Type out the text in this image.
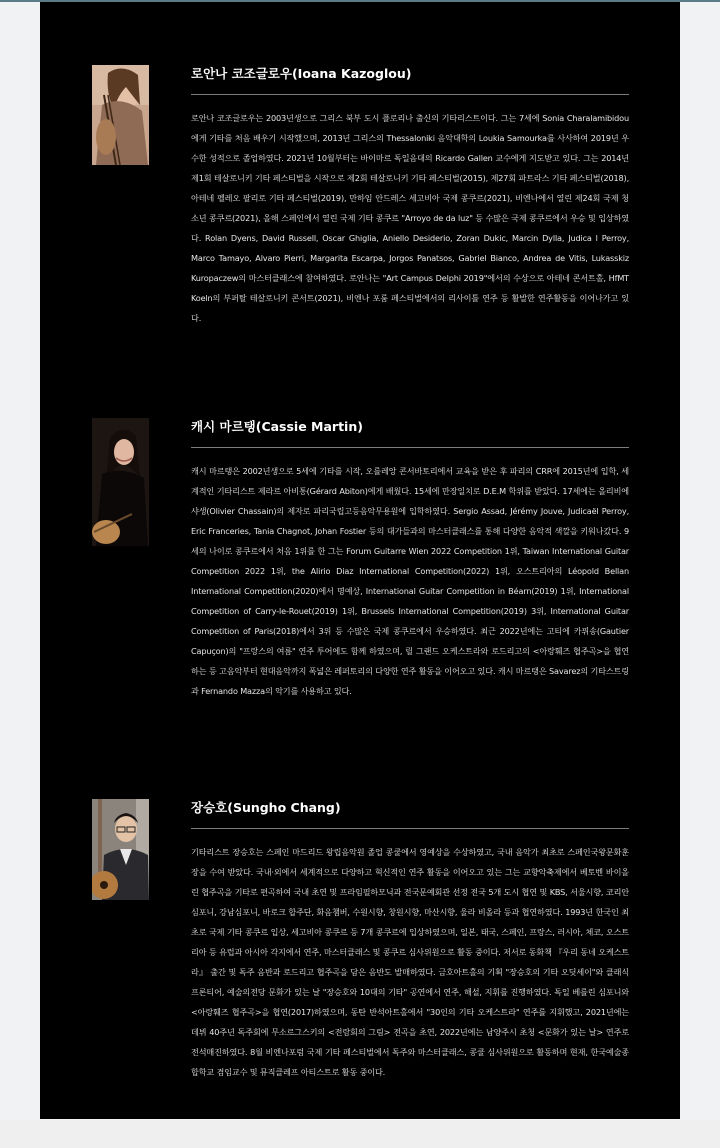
로안나 코조글로우(Ioana Kazoglou)

로안나 코조글로우는 2003년생으로 그리스 북부 도시 플로리나 출신의 기타리스트이다. 그는 7세에 Sonia Charalamibidou에게 기타를 처음 배우기 시작했으며, 2013년 그리스의 Thessaloniki 음악대학의 Loukia Samourka를 사사하여 2019년 우수한 성적으로 졸업하였다. 2021년 10월부터는 바이마르 독일음대의 Ricardo Gallen 교수에게 지도받고 있다. 그는 2014년 제1회 테살로니키 기타 페스티벌을 시작으로 제2회 테살로니키 기타 페스티벌(2015), 제27회 파트라스 기타 페스티벌(2018), 아테네 펠레오 팔리로 기타 페스티벌(2019), 만하임 안드레스 세고비아 국제 콩쿠르(2021), 비엔나에서 열린 제24회 국제 청소년 콩쿠르(2021), 올해 스페인에서 열린 국제 기타 콩쿠르 "Arroyo de da luz" 등 수많은 국제 콩쿠르에서 우승 및 입상하였다. Rolan Dyens, David Russell, Oscar Ghiglia, Aniello Desiderio, Zoran Dukic, Marcin Dylla, Judica l Perroy, Marco Tamayo, Alvaro Pierri, Margarita Escarpa, Jorgos Panatsos, Gabriel Bianco, Andrea de Vitis, Lukasskiz Kuropaczew의 마스터클래스에 참여하였다. 로안나는 "Art Campus Delphi 2019"에서의 수상으로 아테네 콘서트홀, HfMT Koeln의 부퍼탈 테살로니키 콘서트(2021), 비엔나 포룸 페스티벌에서의 리사이틀 연주 등 활발한 연주활동을 이어나가고 있다.

캐시 마르탱(Cassie Martin)

캐시 마르탱은 2002년생으로 5세에 기타를 시작, 오를레앙 콘서바토리에서 교육을 받은 후 파리의 CRR에 2015년에 입학, 세계적인 기타리스트 제라르 아비통(Gérard Abiton)에게 배웠다. 15세에 만장일치로 D.E.M 학위를 받았다. 17세에는 올리비에 샤생(Olivier Chassain)의 제자로 파리국립고등음악무용원에 입학하였다. Sergio Assad, Jérémy Jouve, Judicaël Perroy, Eric Franceries, Tania Chagnot, Johan Fostier 등의 대가들과의 마스터클래스를 통해 다양한 음악적 색깔을 키워나갔다. 9세의 나이로 콩쿠르에서 처음 1위를 한 그는 Forum Guitarre Wien 2022 Competition 1위, Taiwan International Guitar Competition 2022 1위, the Alirio Diaz International Competition(2022) 1위, 오스트리아의 Léopold Bellan International Competition(2020)에서 명예상, International Guitar Competition in Béarn(2019) 1위, International Competition of Carry-le-Rouet(2019) 1위, Brussels International Competition(2019) 3위, International Guitar Competition of Paris(2018)에서 3위 등 수많은 국제 콩쿠르에서 우승하였다. 최근 2022년에는 고티에 카퓌송(Gautier Capuçon)의 "프랑스의 여름" 연주 투어에도 함께 하였으며, 릴 그랜드 오케스트라와 로드리고의 <아랑훼즈 협주곡>을 협연하는 등 고음악부터 현대음악까지 폭넓은 레퍼토리의 다양한 연주 활동을 이어오고 있다. 캐시 마르탱은 Savarez의 기타스트링과 Fernando Mazza의 악기를 사용하고 있다.

장승호(Sungho Chang)

기타리스트 장승호는 스페인 마드리드 왕립음악원 졸업 콩쿨에서 영예상을 수상하였고, 국내 음악가 최초로 스페인국왕문화훈장을 수여 받았다. 국내·외에서 세계적으로 다양하고 혁신적인 연주 활동을 이어오고 있는 그는 교향악축제에서 베토벤 바이올린 협주곡을 기타로 편곡하여 국내 초연 및 프라임필하모닉과 전국문예회관 선정 전국 5개 도시 협연 및 KBS, 서울시향, 코리안심포니, 강남심포니, 바로크 합주단, 화음챔버, 수원시향, 창원시향, 마산시향, 울라 비올라 등과 협연하였다. 1993년 한국인 최초로 국제 기타 콩쿠르 입상, 세고비아 콩쿠르 등 7개 콩쿠르에 입상하였으며, 일본, 태국, 스페인, 프랑스, 러시아, 체코, 오스트리아 등 유럽과 아시아 각지에서 연주, 마스터클래스 및 콩쿠르 심사위원으로 활동 중이다. 저서로 동화책 『우리 동네 오케스트라』 출간 및 독주 음반과 로드리고 협주곡을 담은 음반도 발매하였다. 금호아트홀의 기획 "장승호의 기타 오딧세이"와 클래식 프론티어, 예술의전당 문화가 있는 날 "장승호와 10대의 기타" 공연에서 연주, 해설, 지휘를 진행하였다. 독일 베를린 심포니와 <아랑훼즈 협주곡>을 협연(2017)하였으며, 동탄 반석아트홀에서 "30인의 기타 오케스트라" 연주를 지휘했고, 2021년에는 데뷔 40주년 독주회에 무소르그스키의 <전람회의 그림> 전곡을 초연, 2022년에는 남양주시 초청 <문화가 있는 날> 연주로 전석매진하였다. 8월 비엔나포럼 국제 기타 페스티벌에서 독주와 마스터클래스, 콩쿨 심사위원으로 활동하며 현재, 한국예술종합학교 겸임교수 및 뮤직클레프 아티스트로 활동 중이다.
